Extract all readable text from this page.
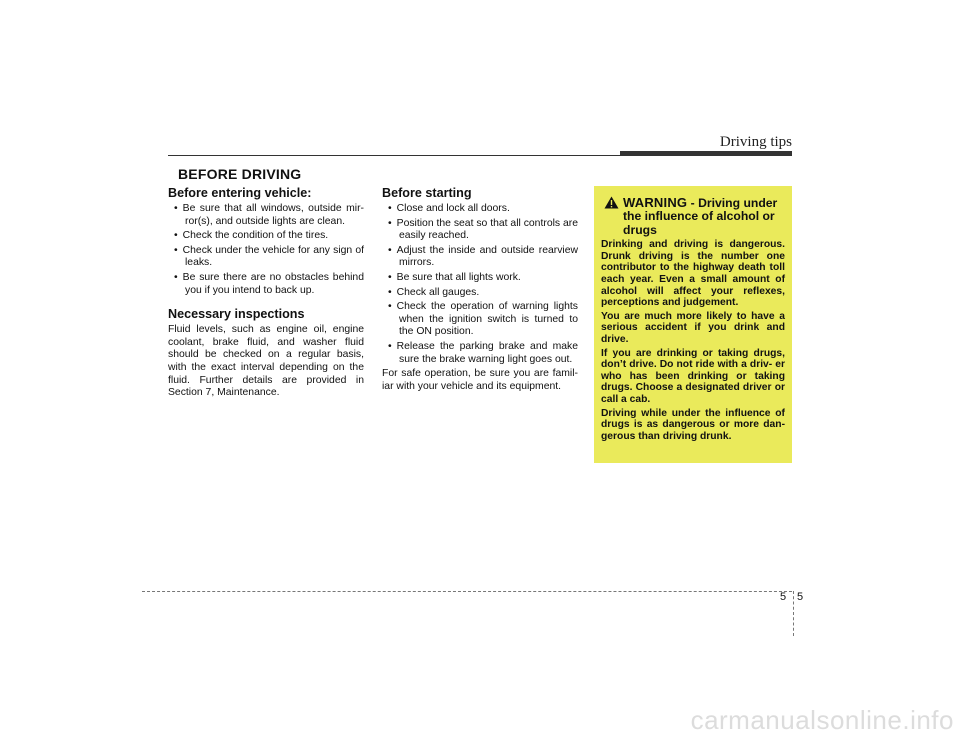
Driving tips
BEFORE DRIVING
Before entering vehicle:
• Be sure that all windows, outside mir- ror(s), and outside lights are clean.
• Check the condition of the tires.
• Check under the vehicle for any sign of leaks.
• Be sure there are no obstacles behind you if you intend to back up.
Necessary inspections

Fluid levels, such as engine oil, engine coolant, brake fluid, and washer fluid should be checked on a regular basis, with the exact interval depending on the fluid. Further details are provided in Section 7, Maintenance.

Before starting
• Close and lock all doors.
• Position the seat so that all controls are easily reached.
• Adjust the inside and outside rearview mirrors.
• Be sure that all lights work.
• Check all gauges.
• Check the operation of warning lights when the ignition switch is turned to the ON position.
• Release the parking brake and make sure the brake warning light goes out.

For safe operation, be sure you are famil- iar with your vehicle and its equipment.

WARNING - Driving under the influence of alcohol or drugs

Drinking and driving is dangerous. Drunk driving is the number one contributor to the highway death toll each year. Even a small amount of alcohol will affect your reflexes, perceptions and judgement.

You are much more likely to have a serious accident if you drink and drive.

If you are drinking or taking drugs, don’t drive. Do not ride with a driv- er who has been drinking or taking drugs. Choose a designated driver or call a cab.

Driving while under the influence of drugs is as dangerous or more dan- gerous than driving drunk.

5 5
carmanualsonline.info
